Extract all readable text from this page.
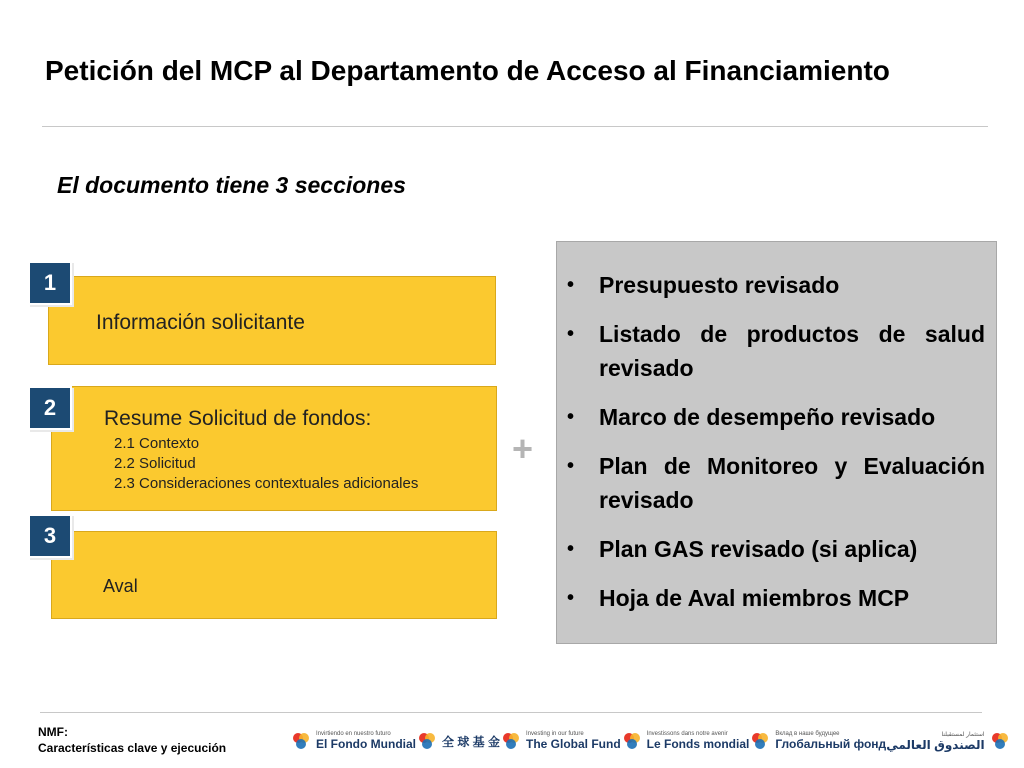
Petición del MCP al Departamento de Acceso al Financiamiento
El documento tiene 3 secciones
Información solicitante
1
Resume Solicitud de fondos:
2.1 Contexto
2.2 Solicitud
2.3 Consideraciones contextuales adicionales
2
Aval
3
+
• Presupuesto revisado
• Listado de productos de salud revisado
• Marco de desempeño revisado
• Plan de Monitoreo y Evaluación revisado
• Plan GAS revisado (si aplica)
• Hoja de Aval miembros MCP
NMF:
Características clave y ejecución
Invirtiendo en nuestro futuro
El Fondo Mundial 全 球 基 金
Investing in our future
The Global Fund
Investissons dans notre avenir
Le Fonds mondial
Вклад в наше будущее
Глобальный фонд
استثمار لمستقبلنا
الصندوق العالمي
